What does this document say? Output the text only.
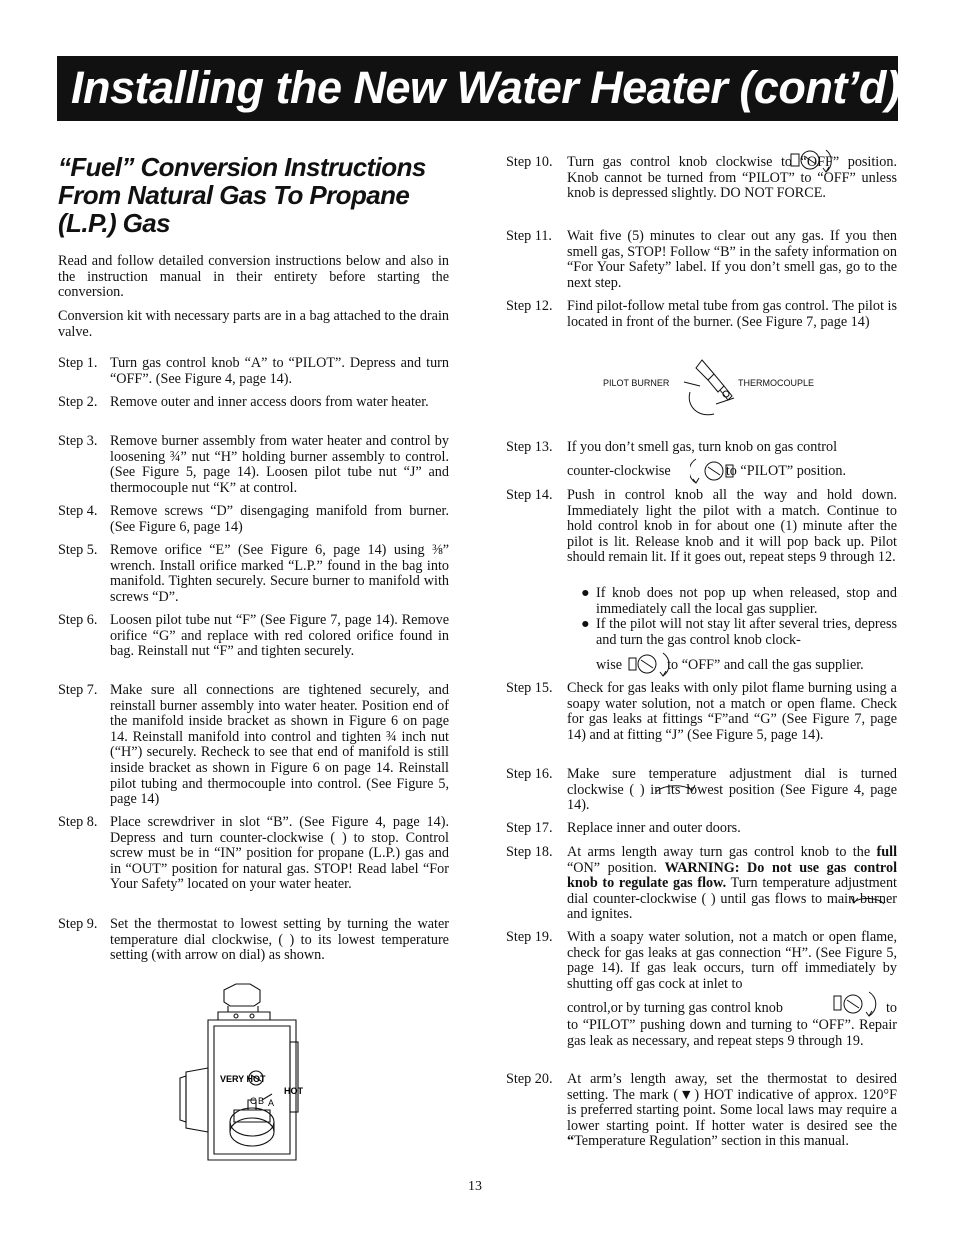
Installing the New Water Heater (cont’d)
“Fuel” Conversion Instructions From Natural Gas To Propane (L.P.) Gas

Read and follow detailed conversion instructions below and also in the instruction manual in their entirety before starting the conversion.

Conversion kit with necessary parts are in a bag attached to the drain valve.

Step 1. Turn gas control knob “A” to “PILOT”. Depress and turn “OFF”. (See Figure 4, page 14).
Step 2. Remove outer and inner access doors from water heater.
Step 3. Remove burner assembly from water heater and control by loosening ¾” nut “H” holding burner assembly to control. (See Figure 5, page 14). Loosen pilot tube nut “J” and thermocouple nut “K” at control.
Step 4. Remove screws “D” disengaging manifold from burner. (See Figure 6, page 14)
Step 5. Remove orifice “E” (See Figure 6, page 14) using ⅜” wrench. Install orifice marked “L.P.” found in the bag into manifold. Tighten securely. Secure burner to manifold with screws “D”.
Step 6. Loosen pilot tube nut “F” (See Figure 7, page 14). Remove orifice “G” and replace with red colored orifice found in bag. Reinstall nut “F” and tighten securely.
Step 7. Make sure all connections are tightened securely, and reinstall burner assembly into water heater. Position end of the manifold inside bracket as shown in Figure 6 on page 14. Reinstall manifold into control and tighten ¾ inch nut (“H”) securely. Recheck to see that end of manifold is still inside bracket as shown in Figure 6 on page 14. Reinstall pilot tubing and thermocouple into control. (See Figure 5, page 14)
Step 8. Place screwdriver in slot “B”. (See Figure 4, page 14). Depress and turn counter-clockwise ( ) to stop. Control screw must be in “IN” position for propane (L.P.) gas and in “OUT” position for natural gas. STOP! Read label “For Your Safety” located on your water heater.
Step 9. Set the thermostat to lowest setting by turning the water temperature dial clockwise, ( ) to its lowest temperature setting (with arrow on dial) as shown.
VERY HOT
HOT
C B A
Step 10.	Turn gas control knob clockwise to “OFF” position. Knob cannot be turned from “PILOT” to “OFF” unless knob is depressed slightly. DO NOT FORCE.
Step 11.	Wait five (5) minutes to clear out any gas. If you then smell gas, STOP! Follow “B” in the safety information on “For Your Safety” label. If you don’t smell gas, go to the next step.
Step 12.	Find pilot-follow metal tube from gas control. The pilot is located in front of the burner. (See Figure 7, page 14)
PILOT BURNER	THERMOCOUPLE
Step 13.	If you don’t smell gas, turn knob on gas control
counter-clockwise	to “PILOT” position.
Step 14.	Push in control knob all the way and hold down. Immediately light the pilot with a match. Continue to hold control knob in for about one (1) minute after the pilot is lit. Release knob and it will pop back up. Pilot should remain lit. If it goes out, repeat steps 9 through 12.
● If knob does not pop up when released, stop and immediately call the local gas supplier.
● If the pilot will not stay lit after several tries, depress and turn the gas control knob clock-
wise	to “OFF” and call the gas supplier.
Step 15.	Check for gas leaks with only pilot flame burning using a soapy water solution, not a match or open flame. Check for gas leaks at fittings “F”and “G” (See Figure 7, page 14) and at fitting “J” (See Figure 5, page 14).
Step 16.	Make sure temperature adjustment dial is turned clockwise ( ) in its lowest position (See Figure 4, page 14).
Step 17.	Replace inner and outer doors.
Step 18.	At arms length away turn gas control knob to the full “ON” position. WARNING: Do not use gas control knob to regulate gas flow. Turn temperature adjustment dial counter-clockwise ( ) until gas flows to main burner and ignites.
Step 19.	With a soapy water solution, not a match or open flame, check for gas leaks at gas connection “H”. (See Figure 5, page 14). If gas leak occurs, turn off immediately by shutting off gas cock at inlet to
control,or by turning gas control knob	to
to “PILOT” pushing down and turning to “OFF”. Repair gas leak as necessary, and repeat steps 9 through 19.
Step 20.	At arm’s length away, set the thermostat to desired setting. The mark (▼) HOT indicative of approx. 120°F is preferred starting point. Some local laws may require a lower starting point. If hotter water is desired see the “Temperature Regulation” section in this manual.
13
